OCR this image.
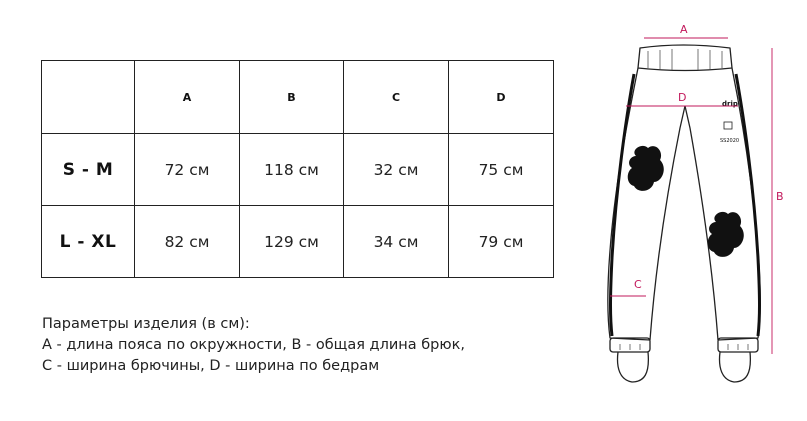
	A	B	C	D
S - M	72 см	118 см	32 см	75 см
L - XL	82 см	129 см	34 см	79 см
Параметры изделия (в см):
A - длина пояса по окружности, B - общая длина брюк,
C - ширина брючины, D - ширина по бедрам
drip
SS2020
A
B
C
D
